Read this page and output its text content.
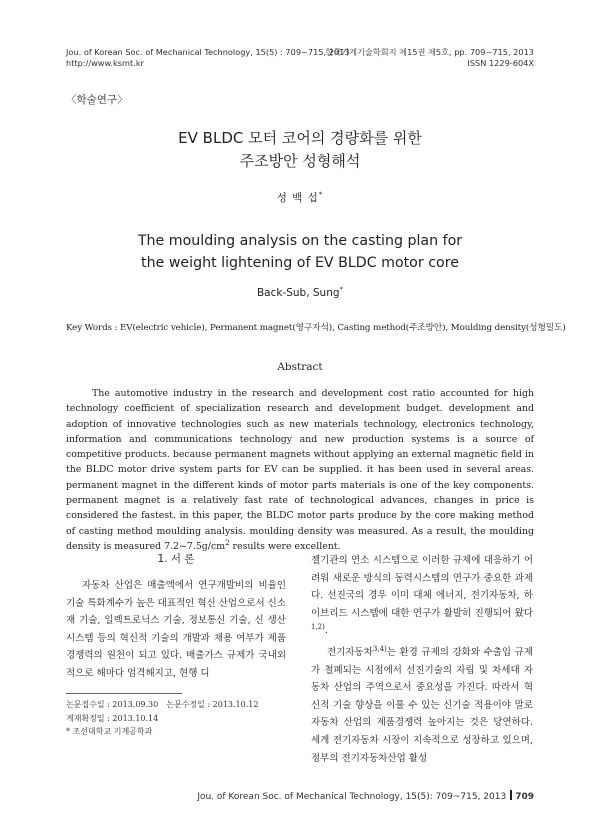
Jou. of Korean Soc. of Mechanical Technology, 15(5) : 709~715, 2013
http://www.ksmt.kr
한국기계기술학회지 제15권 제5호, pp. 709~715, 2013
ISSN 1229-604X
〈학술연구〉
EV BLDC 모터 코어의 경량화를 위한
주조방안 성형해석
성 백 섭*
The moulding analysis on the casting plan for
the weight lightening of EV BLDC motor core
Back-Sub, Sung*
Key Words : EV(electric vehicle), Permanent magnet(영구자석), Casting method(주조방안), Moulding density(성형밀도)
Abstract

The automotive industry in the research and development cost ratio accounted for high technology coefficient of specialization research and development budget. development and adoption of innovative technologies such as new materials technology, electronics technology, information and communications technology and new production systems is a source of competitive products. because permanent magnets without applying an external magnetic field in the BLDC motor drive system parts for EV can be supplied. it has been used in several areas. permanent magnet in the different kinds of motor parts materials is one of the key components. permanent magnet is a relatively fast rate of technological advances, changes in price is considered the fastest. in this paper, the BLDC motor parts produce by the core making method of casting method moulding analysis. moulding density was measured. As a result, the moulding density is measured $7.2\sim 7.5g/cm^2$ results were excellent.

1. 서 론

자동차 산업은 매출액에서 연구개발비의 비율인 기술 특화계수가 높은 대표적인 혁신 산업으로서 신소재 기술, 일렉트로닉스 기술, 정보통신 기술, 신 생산시스템 등의 혁신적 기술의 개발과 채용 여부가 제품 경쟁력의 원천이 되고 있다. 배출가스 규제가 국내외적으로 해마다 엄격해지고, 현행 디

젤기관의 연소 시스템으로 이러한 규제에 대응하기 어려워 새로운 방식의 동력시스템의 연구가 중요한 과제다. 선진국의 경우 이미 대체 에너지, 전기자동차, 하이브리드 시스템에 대한 연구가 활발히 진행되어 왔다$^{1,2)}$.

전기자동차$^{3,4)}$는 환경 규제의 강화와 수출입 규제가 철폐되는 시점에서 선진기술의 자립 및 차세대 자동차 산업의 주역으로서 중요성을 가진다. 따라서 혁신적 기술 향상을 이룰 수 있는 신기술 적용이야 말로 자동차 산업의 제품경쟁력 높아지는 것은 당연하다. 세계 전기자동차 시장이 지속적으로 성장하고 있으며, 정부의 전기자동차산업 활성

논문접수일 : 2013.09.30 논문수정일 : 2013.10.12
게재확정일 : 2013.10.14
* 조선대학교 기계공학과
Jou. of Korean Soc. of Mechanical Technology, 15(5): 709~715, 2013 709
